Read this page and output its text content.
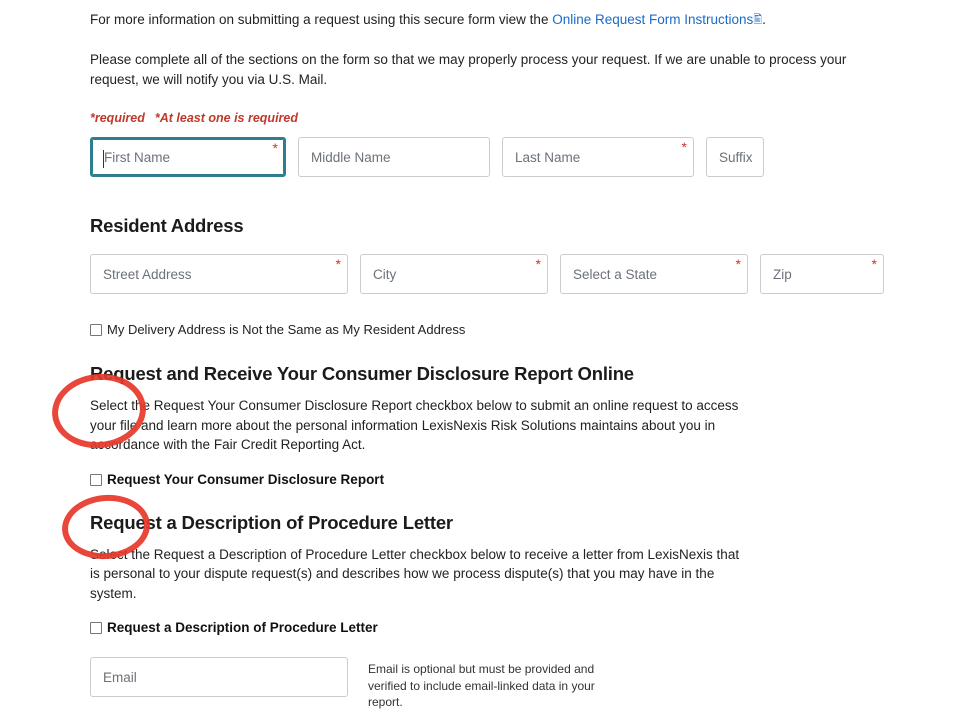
For more information on submitting a request using this secure form view the Online Request Form Instructions🖺.

Please complete all of the sections on the form so that we may properly process your request. If we are unable to process your request, we will notify you via U.S. Mail.

*required *At least one is required
First Name
*
Middle Name	Last Name
*
Suffix
Resident Address
Street Address
*
City
*
Select a State
*
Zip
*
My Delivery Address is Not the Same as My Resident Address
Request and Receive Your Consumer Disclosure Report Online

Select the Request Your Consumer Disclosure Report checkbox below to submit an online request to access your file and learn more about the personal information LexisNexis Risk Solutions maintains about you in accordance with the Fair Credit Reporting Act.

Request Your Consumer Disclosure Report
Request a Description of Procedure Letter

Select the Request a Description of Procedure Letter checkbox below to receive a letter from LexisNexis that is personal to your dispute request(s) and describes how we process dispute(s) that you may have in the system.

Request a Description of Procedure Letter
Email
Email is optional but must be provided and verified to include email-linked data in your report.
